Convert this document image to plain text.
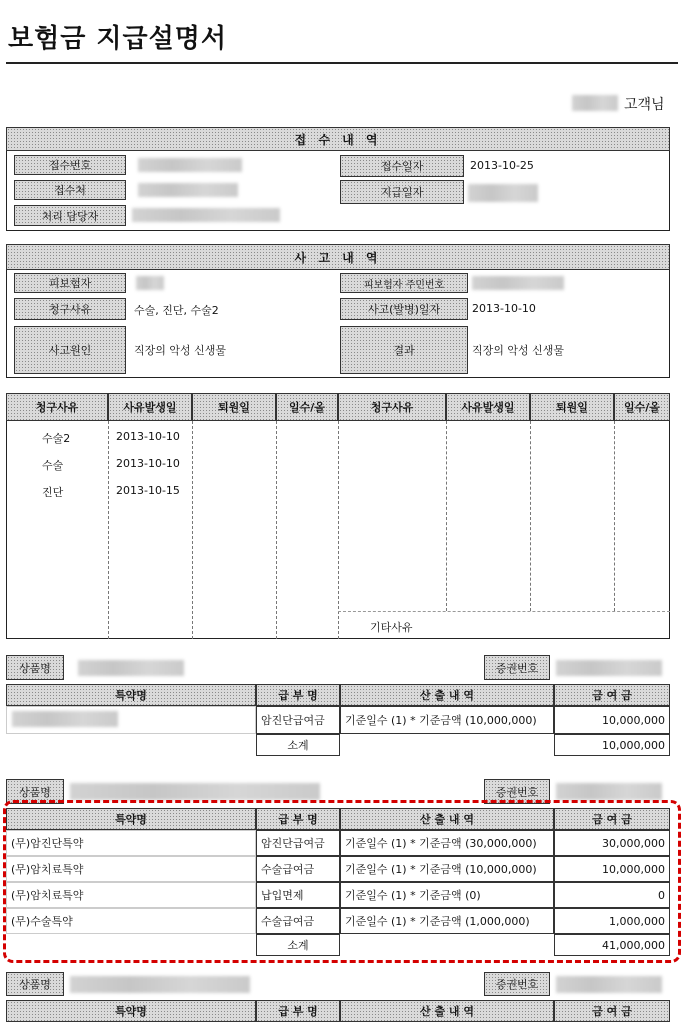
보험금 지급설명서
고객님
접 수 내 역
접수번호	접수일자	2013-10-25
접수처	지급일자
처리 담당자
사 고 내 역
피보험자	피보험자 주민번호
청구사유	수술, 진단, 수술2	사고(발병)일자	2013-10-10
사고원인	직장의 악성 신생물	결과	직장의 악성 신생물
청구사유	사유발생일	퇴원일	일수/올	청구사유	사유발생일	퇴원일	일수/올
수술2	2013-10-10
수술	2013-10-10
진단	2013-10-15
기타사유
상품명	증권번호
특약명	급 부 명	산 출 내 역	금 여 금
암진단급여금	기준일수 (1) * 기준금액 (10,000,000)	10,000,000
소계	10,000,000
상품명	증권번호
특약명	급 부 명	산 출 내 역	금 여 금
(무)암진단특약	암진단급여금	기준일수 (1) * 기준금액 (30,000,000)	30,000,000
(무)암치료특약	수술급여금	기준일수 (1) * 기준금액 (10,000,000)	10,000,000
(무)암치료특약	납입면제	기준일수 (1) * 기준금액 (0)	0
(무)수술특약	수술급여금	기준일수 (1) * 기준금액 (1,000,000)	1,000,000
소계	41,000,000
상품명	증권번호
특약명	급 부 명	산 출 내 역	금 여 금
